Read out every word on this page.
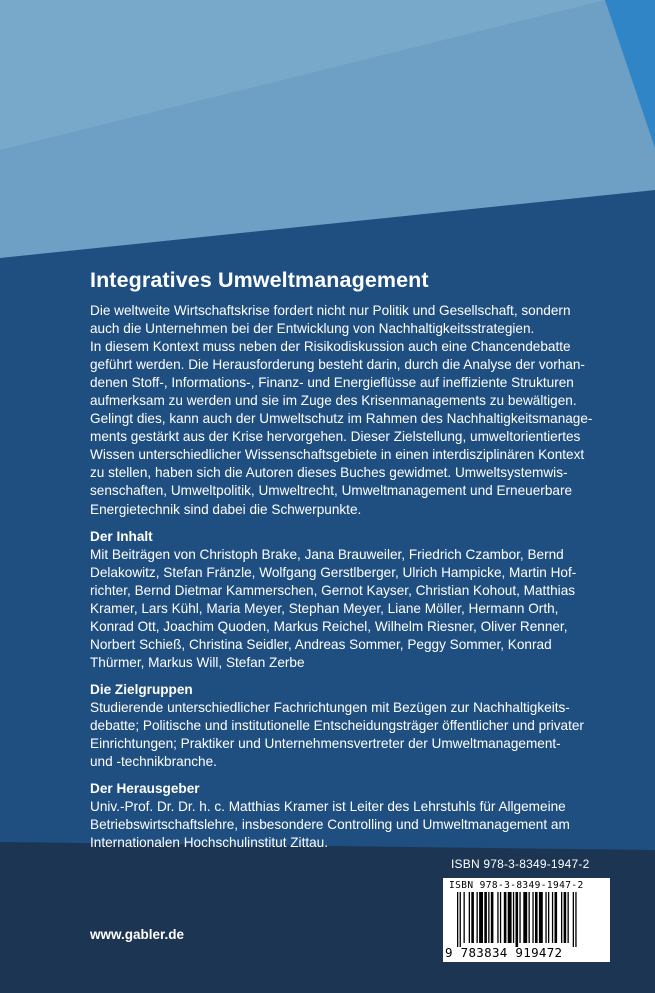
Integratives Umweltmanagement
Die weltweite Wirtschaftskrise fordert nicht nur Politik und Gesellschaft, sondern
auch die Unternehmen bei der Entwicklung von Nachhaltigkeitsstrategien.
In diesem Kontext muss neben der Risikodiskussion auch eine Chancendebatte
geführt werden. Die Herausforderung besteht darin, durch die Analyse der vorhan-
denen Stoff-, Informations-, Finanz- und Energieflüsse auf ineffiziente Strukturen
aufmerksam zu werden und sie im Zuge des Krisenmanagements zu bewältigen.
Gelingt dies, kann auch der Umweltschutz im Rahmen des Nachhaltigkeitsmanage-
ments gestärkt aus der Krise hervorgehen. Dieser Zielstellung, umweltorientiertes
Wissen unterschiedlicher Wissenschaftsgebiete in einen interdisziplinären Kontext
zu stellen, haben sich die Autoren dieses Buches gewidmet. Umweltsystemwis-
senschaften, Umweltpolitik, Umweltrecht, Umweltmanagement und Erneuerbare
Energietechnik sind dabei die Schwerpunkte.
Der Inhalt
Mit Beiträgen von Christoph Brake, Jana Brauweiler, Friedrich Czambor, Bernd
Delakowitz, Stefan Fränzle, Wolfgang Gerstlberger, Ulrich Hampicke, Martin Hof-
richter, Bernd Dietmar Kammerschen, Gernot Kayser, Christian Kohout, Matthias
Kramer, Lars Kühl, Maria Meyer, Stephan Meyer, Liane Möller, Hermann Orth,
Konrad Ott, Joachim Quoden, Markus Reichel, Wilhelm Riesner, Oliver Renner,
Norbert Schieß, Christina Seidler, Andreas Sommer, Peggy Sommer, Konrad
Thürmer, Markus Will, Stefan Zerbe
Die Zielgruppen
Studierende unterschiedlicher Fachrichtungen mit Bezügen zur Nachhaltigkeits-
debatte; Politische und institutionelle Entscheidungsträger öffentlicher und privater
Einrichtungen; Praktiker und Unternehmensvertreter der Umweltmanagement-
und -technikbranche.
Der Herausgeber
Univ.-Prof. Dr. Dr. h. c. Matthias Kramer ist Leiter des Lehrstuhls für Allgemeine
Betriebswirtschaftslehre, insbesondere Controlling und Umweltmanagement am
Internationalen Hochschulinstitut Zittau.
ISBN 978-3-8349-1947-2
ISBN 978-3-8349-1947-2
9 783834 919472
www.gabler.de
